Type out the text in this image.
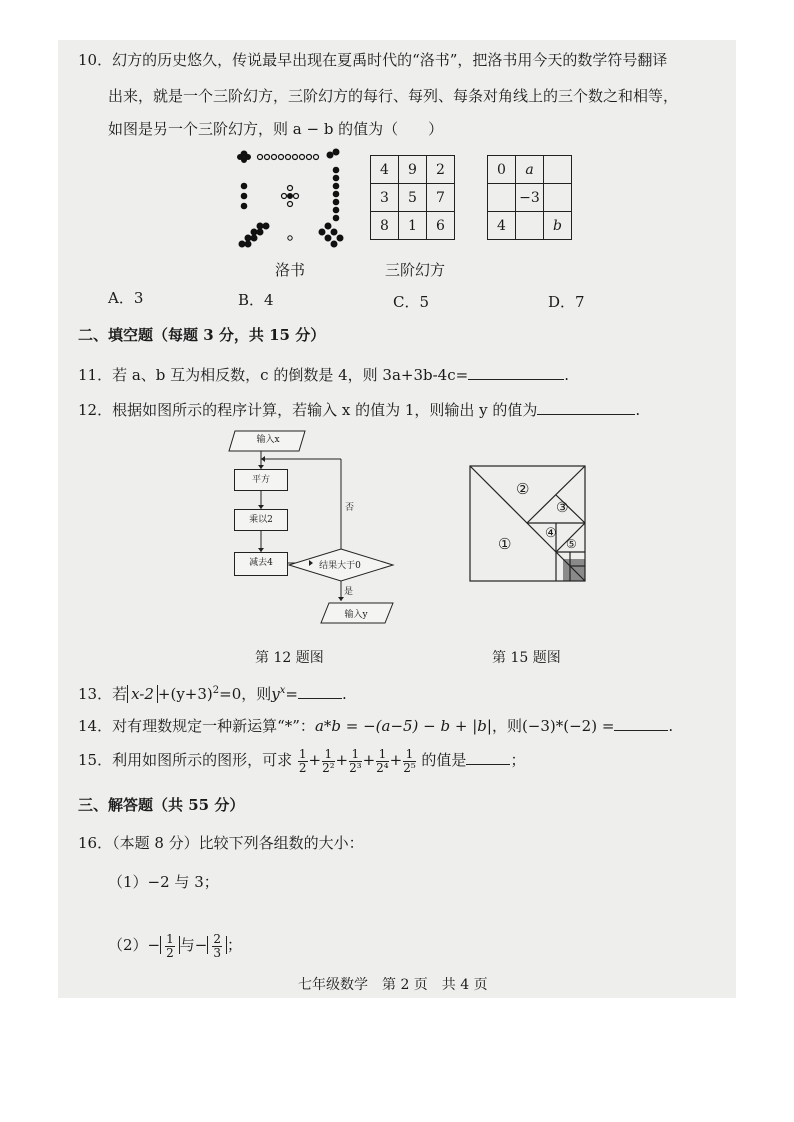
10．幻方的历史悠久，传说最早出现在夏禹时代的“洛书”，把洛书用今天的数学符号翻译
出来，就是一个三阶幻方，三阶幻方的每行、每列、每条对角线上的三个数之和相等，
如图是另一个三阶幻方，则 a − b 的值为（　　）
洛书
4	9	2
3	5	7
8	1	6
三阶幻方
0	a	
	−3	
4		b
A．3	B．4	C．5	D．7
二、填空题（每题 3 分，共 15 分）
11．若 a、b 互为相反数，c 的倒数是 4，则 3a+3b-4c=	.
12．根据如图所示的程序计算，若输入 x 的值为 1，则输出 y 的值为	.
输入x
平方
乘以2
减去4	结果大于0
否
是
输入y
第 12 题图
②
③
①
④
⑤
第 15 题图
13．若 $x-2 +(y+3)^2=0$，则$y^x=$	.
14．对有理数规定一种新运算“*”：a*b = −(a−5) − b + |b|，则(−3)*(−2) =	.
15．利用如图所示的图形，可求 $\frac{1}{2} + \frac{1}{\text{2²}} + \frac{1}{\text{2³}} + \frac{1}{\text{2⁴}} + \frac{1}{\text{2⁵}}$ 的值是	；
三、解答题（共 55 分）
16．（本题 8 分）比较下列各组数的大小：
（1）−2 与 3；
$(2)- \frac{1}{2}$ 与− $\frac{2}{3}$ ；
七年级数学　第 2 页　共 4 页
